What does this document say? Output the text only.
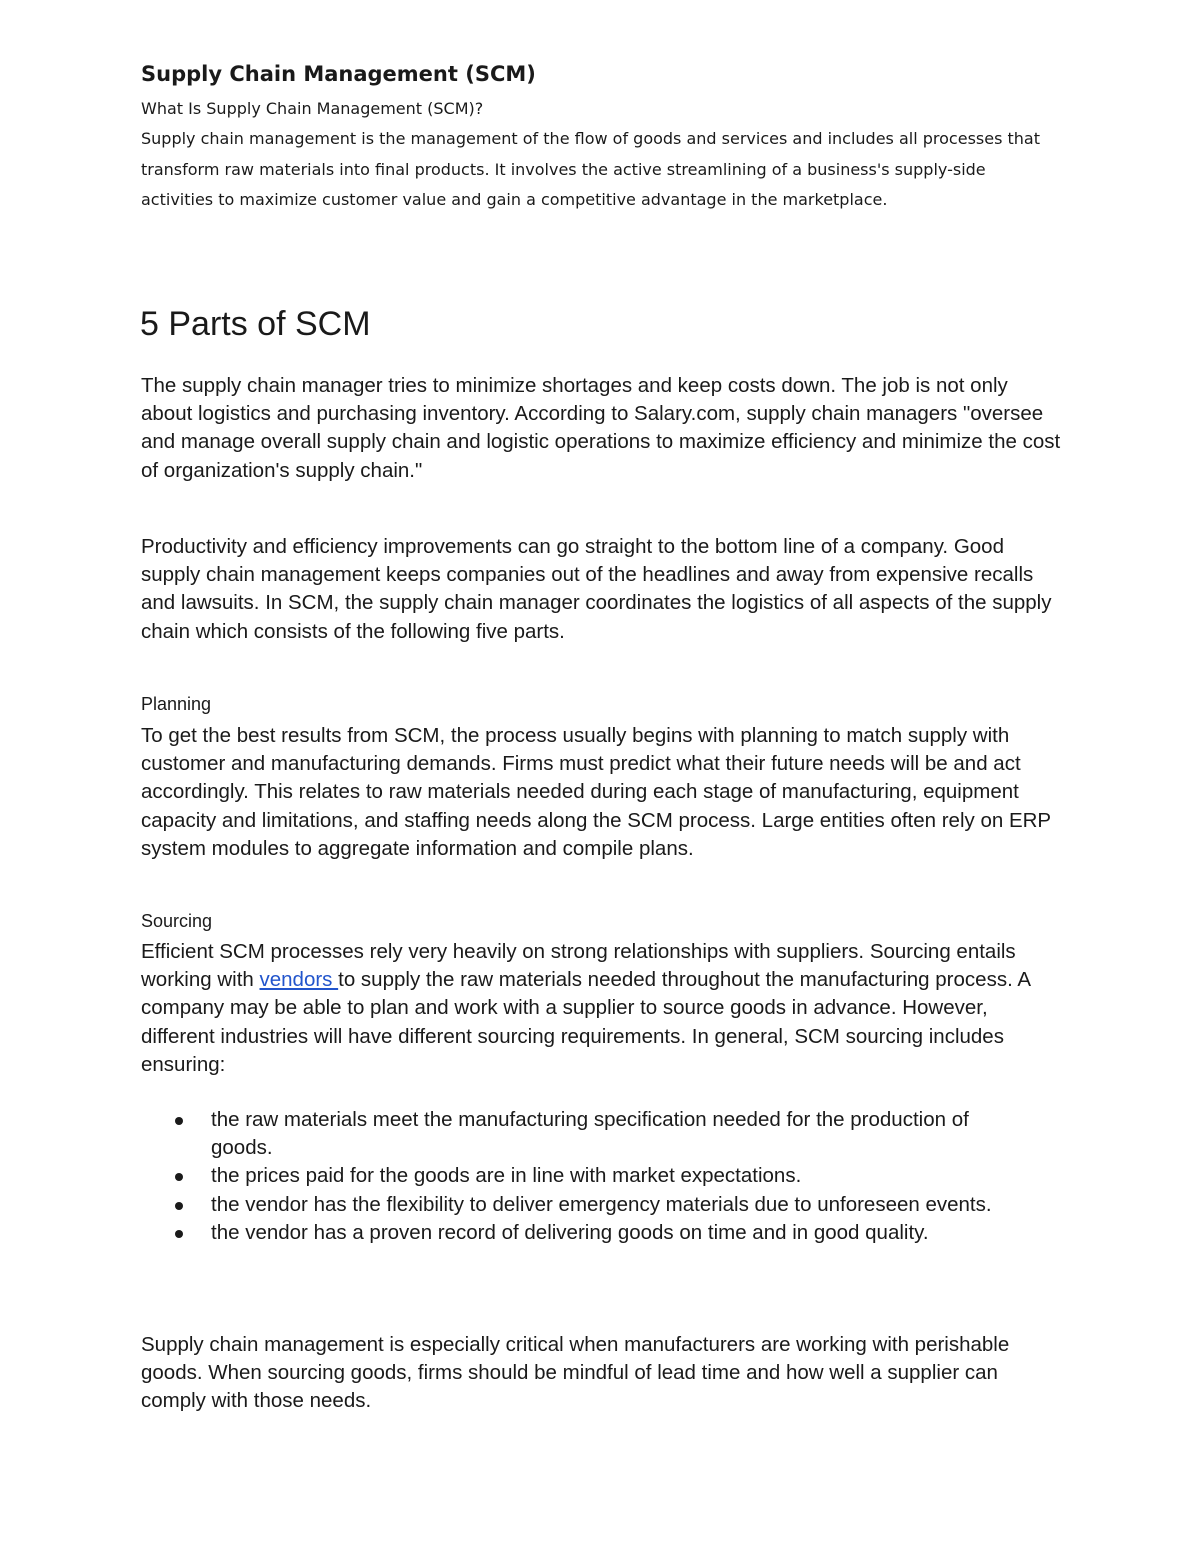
Supply Chain Management (SCM)
What Is Supply Chain Management (SCM)?
Supply chain management is the management of the flow of goods and services and includes all processes that transform raw materials into final products. It involves the active streamlining of a business's supply-side activities to maximize customer value and gain a competitive advantage in the marketplace.
5 Parts of SCM

The supply chain manager tries to minimize shortages and keep costs down. The job is not only about logistics and purchasing inventory. According to Salary.com, supply chain managers "oversee and manage overall supply chain and logistic operations to maximize efficiency and minimize the cost of organization's supply chain."

Productivity and efficiency improvements can go straight to the bottom line of a company. Good supply chain management keeps companies out of the headlines and away from expensive recalls and lawsuits. In SCM, the supply chain manager coordinates the logistics of all aspects of the supply chain which consists of the following five parts.

Planning

To get the best results from SCM, the process usually begins with planning to match supply with customer and manufacturing demands. Firms must predict what their future needs will be and act accordingly. This relates to raw materials needed during each stage of manufacturing, equipment capacity and limitations, and staffing needs along the SCM process. Large entities often rely on ERP system modules to aggregate information and compile plans.

Sourcing

Efficient SCM processes rely very heavily on strong relationships with suppliers. Sourcing entails working with vendors to supply the raw materials needed throughout the manufacturing process. A company may be able to plan and work with a supplier to source goods in advance. However, different industries will have different sourcing requirements. In general, SCM sourcing includes ensuring:

the raw materials meet the manufacturing specification needed for the production of goods.
the prices paid for the goods are in line with market expectations.
the vendor has the flexibility to deliver emergency materials due to unforeseen events.
the vendor has a proven record of delivering goods on time and in good quality.

Supply chain management is especially critical when manufacturers are working with perishable goods. When sourcing goods, firms should be mindful of lead time and how well a supplier can comply with those needs.
